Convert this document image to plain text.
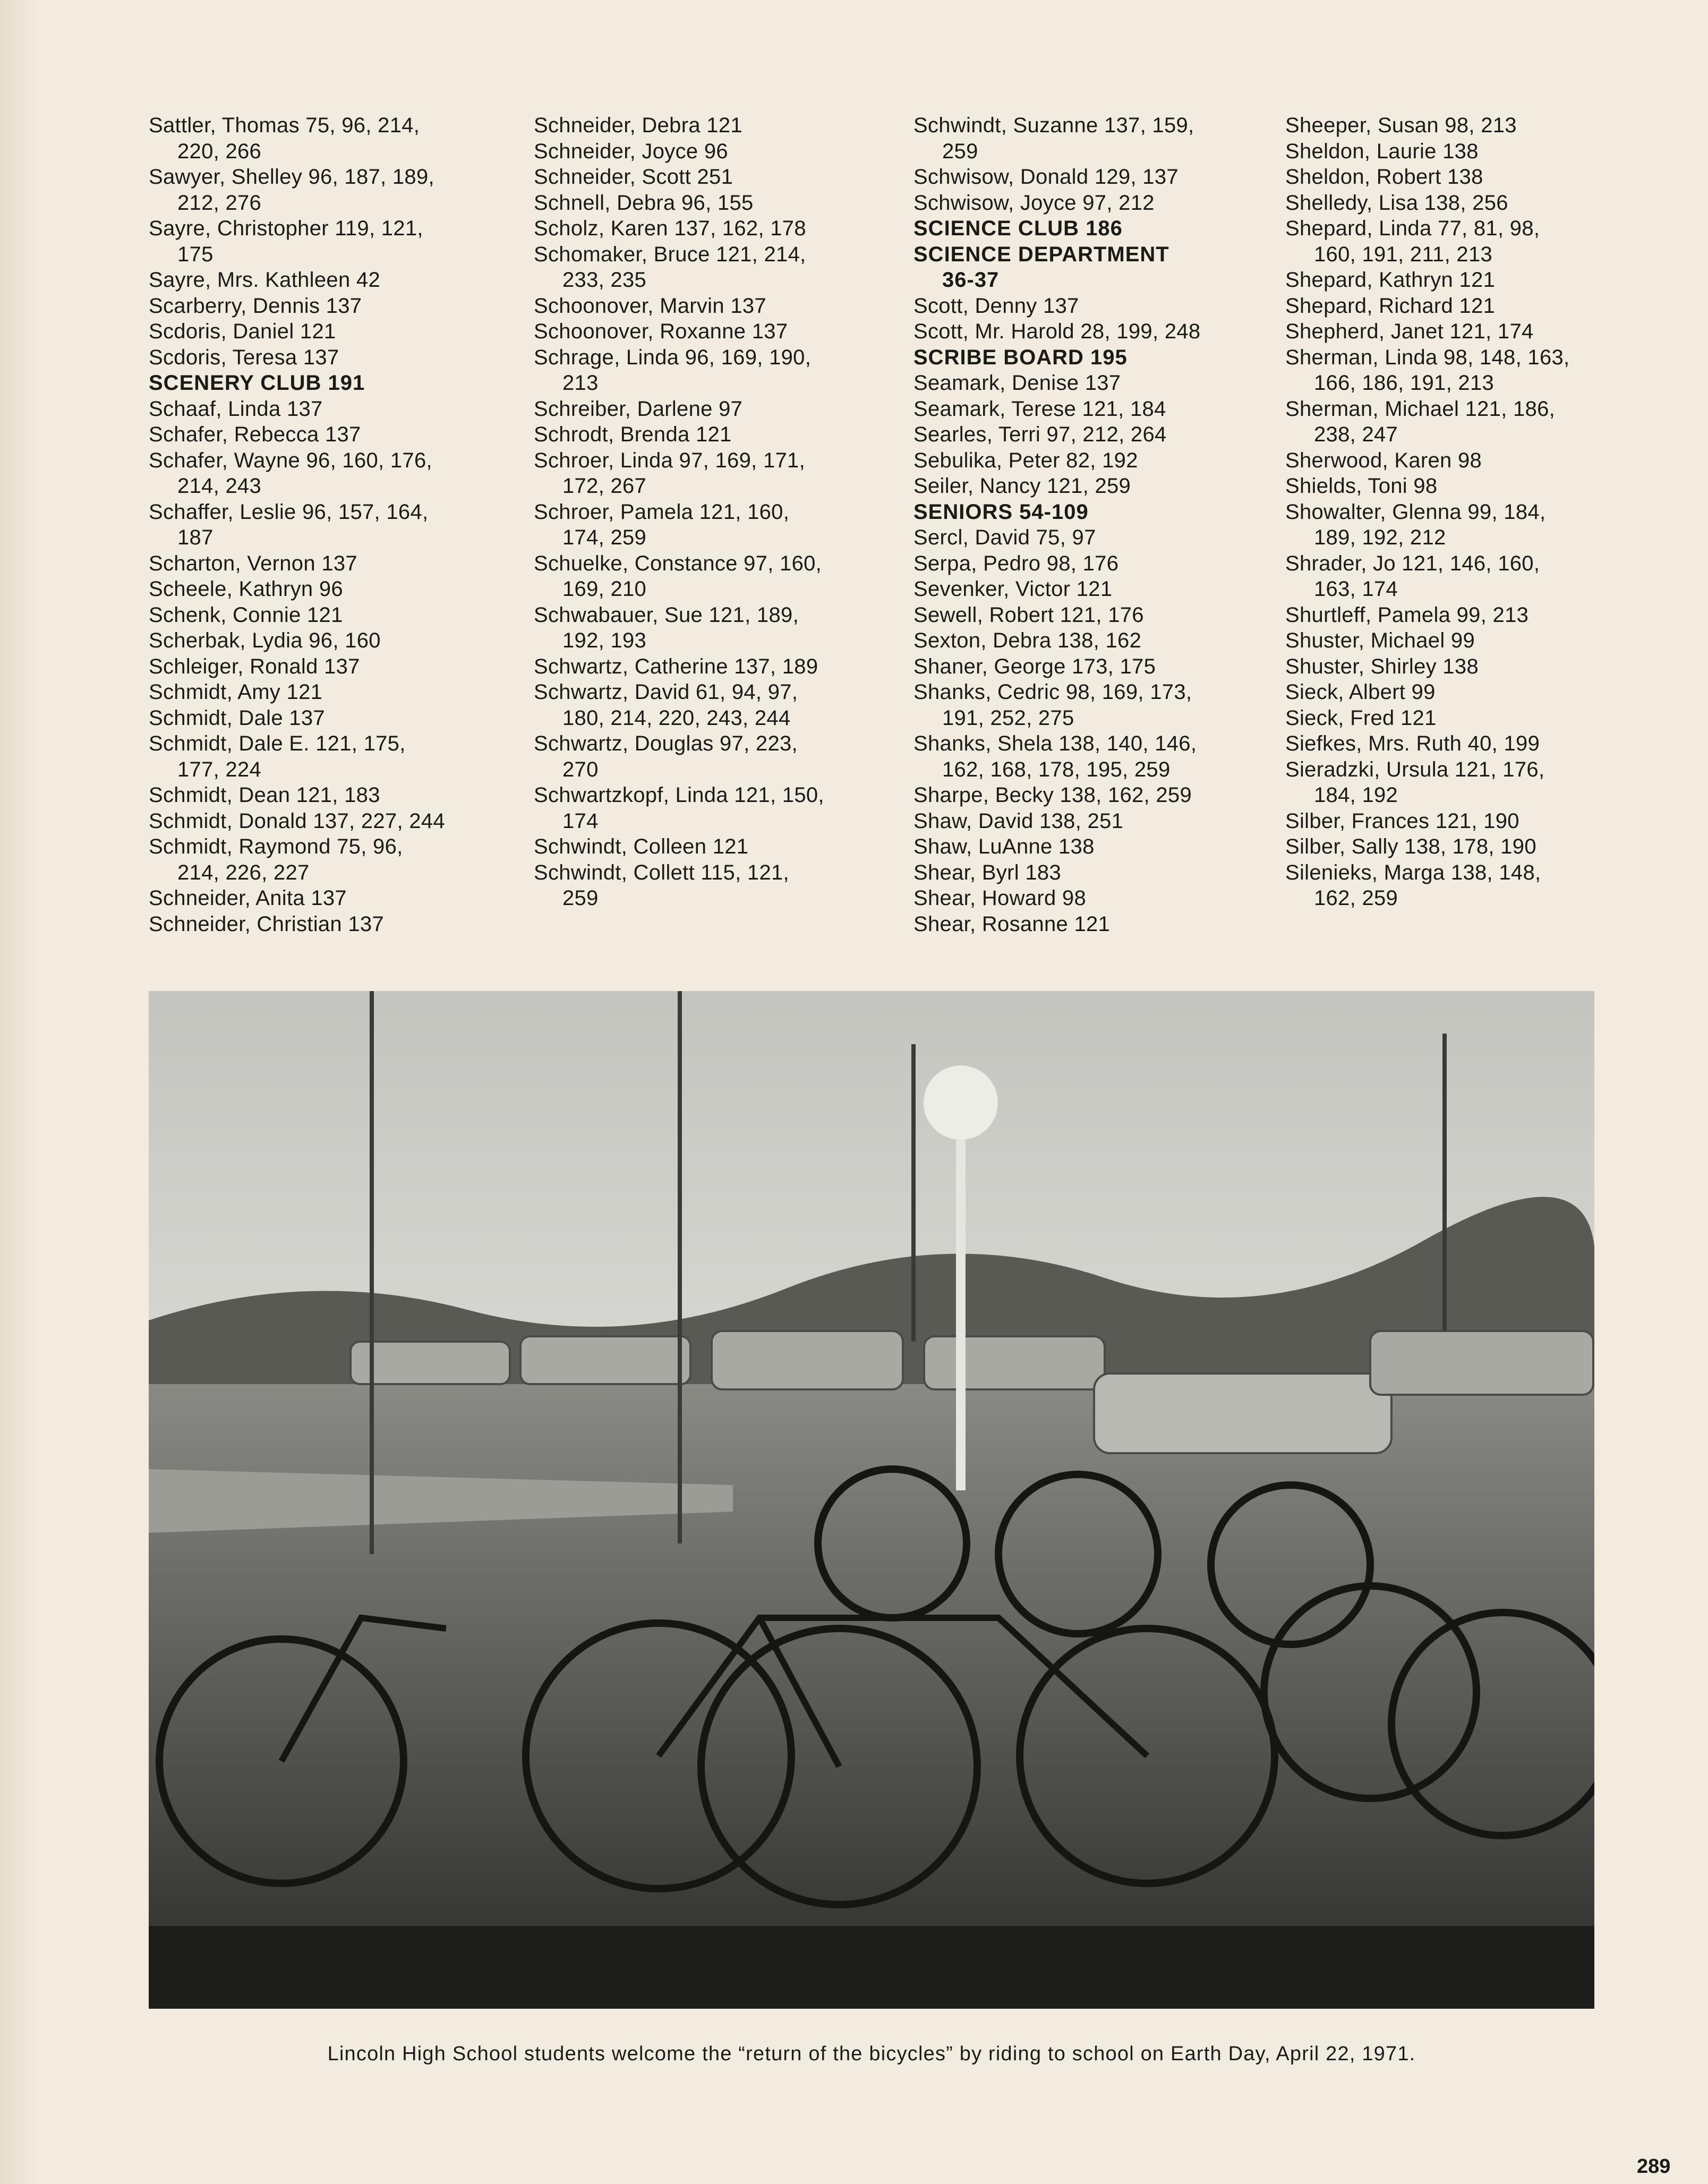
Sattler, Thomas 75, 96, 214,
220, 266
Sawyer, Shelley 96, 187, 189,
212, 276
Sayre, Christopher 119, 121,
175
Sayre, Mrs. Kathleen 42
Scarberry, Dennis 137
Scdoris, Daniel 121
Scdoris, Teresa 137
SCENERY CLUB 191
Schaaf, Linda 137
Schafer, Rebecca 137
Schafer, Wayne 96, 160, 176,
214, 243
Schaffer, Leslie 96, 157, 164,
187
Scharton, Vernon 137
Scheele, Kathryn 96
Schenk, Connie 121
Scherbak, Lydia 96, 160
Schleiger, Ronald 137
Schmidt, Amy 121
Schmidt, Dale 137
Schmidt, Dale E. 121, 175,
177, 224
Schmidt, Dean 121, 183
Schmidt, Donald 137, 227, 244
Schmidt, Raymond 75, 96,
214, 226, 227
Schneider, Anita 137
Schneider, Christian 137
Schneider, Debra 121
Schneider, Joyce 96
Schneider, Scott 251
Schnell, Debra 96, 155
Scholz, Karen 137, 162, 178
Schomaker, Bruce 121, 214,
233, 235
Schoonover, Marvin 137
Schoonover, Roxanne 137
Schrage, Linda 96, 169, 190,
213
Schreiber, Darlene 97
Schrodt, Brenda 121
Schroer, Linda 97, 169, 171,
172, 267
Schroer, Pamela 121, 160,
174, 259
Schuelke, Constance 97, 160,
169, 210
Schwabauer, Sue 121, 189,
192, 193
Schwartz, Catherine 137, 189
Schwartz, David 61, 94, 97,
180, 214, 220, 243, 244
Schwartz, Douglas 97, 223,
270
Schwartzkopf, Linda 121, 150,
174
Schwindt, Colleen 121
Schwindt, Collett 115, 121,
259
Schwindt, Suzanne 137, 159,
259
Schwisow, Donald 129, 137
Schwisow, Joyce 97, 212
SCIENCE CLUB 186
SCIENCE DEPARTMENT
36-37
Scott, Denny 137
Scott, Mr. Harold 28, 199, 248
SCRIBE BOARD 195
Seamark, Denise 137
Seamark, Terese 121, 184
Searles, Terri 97, 212, 264
Sebulika, Peter 82, 192
Seiler, Nancy 121, 259
SENIORS 54-109
Sercl, David 75, 97
Serpa, Pedro 98, 176
Sevenker, Victor 121
Sewell, Robert 121, 176
Sexton, Debra 138, 162
Shaner, George 173, 175
Shanks, Cedric 98, 169, 173,
191, 252, 275
Shanks, Shela 138, 140, 146,
162, 168, 178, 195, 259
Sharpe, Becky 138, 162, 259
Shaw, David 138, 251
Shaw, LuAnne 138
Shear, Byrl 183
Shear, Howard 98
Shear, Rosanne 121
Sheeper, Susan 98, 213
Sheldon, Laurie 138
Sheldon, Robert 138
Shelledy, Lisa 138, 256
Shepard, Linda 77, 81, 98,
160, 191, 211, 213
Shepard, Kathryn 121
Shepard, Richard 121
Shepherd, Janet 121, 174
Sherman, Linda 98, 148, 163,
166, 186, 191, 213
Sherman, Michael 121, 186,
238, 247
Sherwood, Karen 98
Shields, Toni 98
Showalter, Glenna 99, 184,
189, 192, 212
Shrader, Jo 121, 146, 160,
163, 174
Shurtleff, Pamela 99, 213
Shuster, Michael 99
Shuster, Shirley 138
Sieck, Albert 99
Sieck, Fred 121
Siefkes, Mrs. Ruth 40, 199
Sieradzki, Ursula 121, 176,
184, 192
Silber, Frances 121, 190
Silber, Sally 138, 178, 190
Silenieks, Marga 138, 148,
162, 259
Lincoln High School students welcome the “return of the bicycles” by riding to school on Earth Day, April 22, 1971.
289
